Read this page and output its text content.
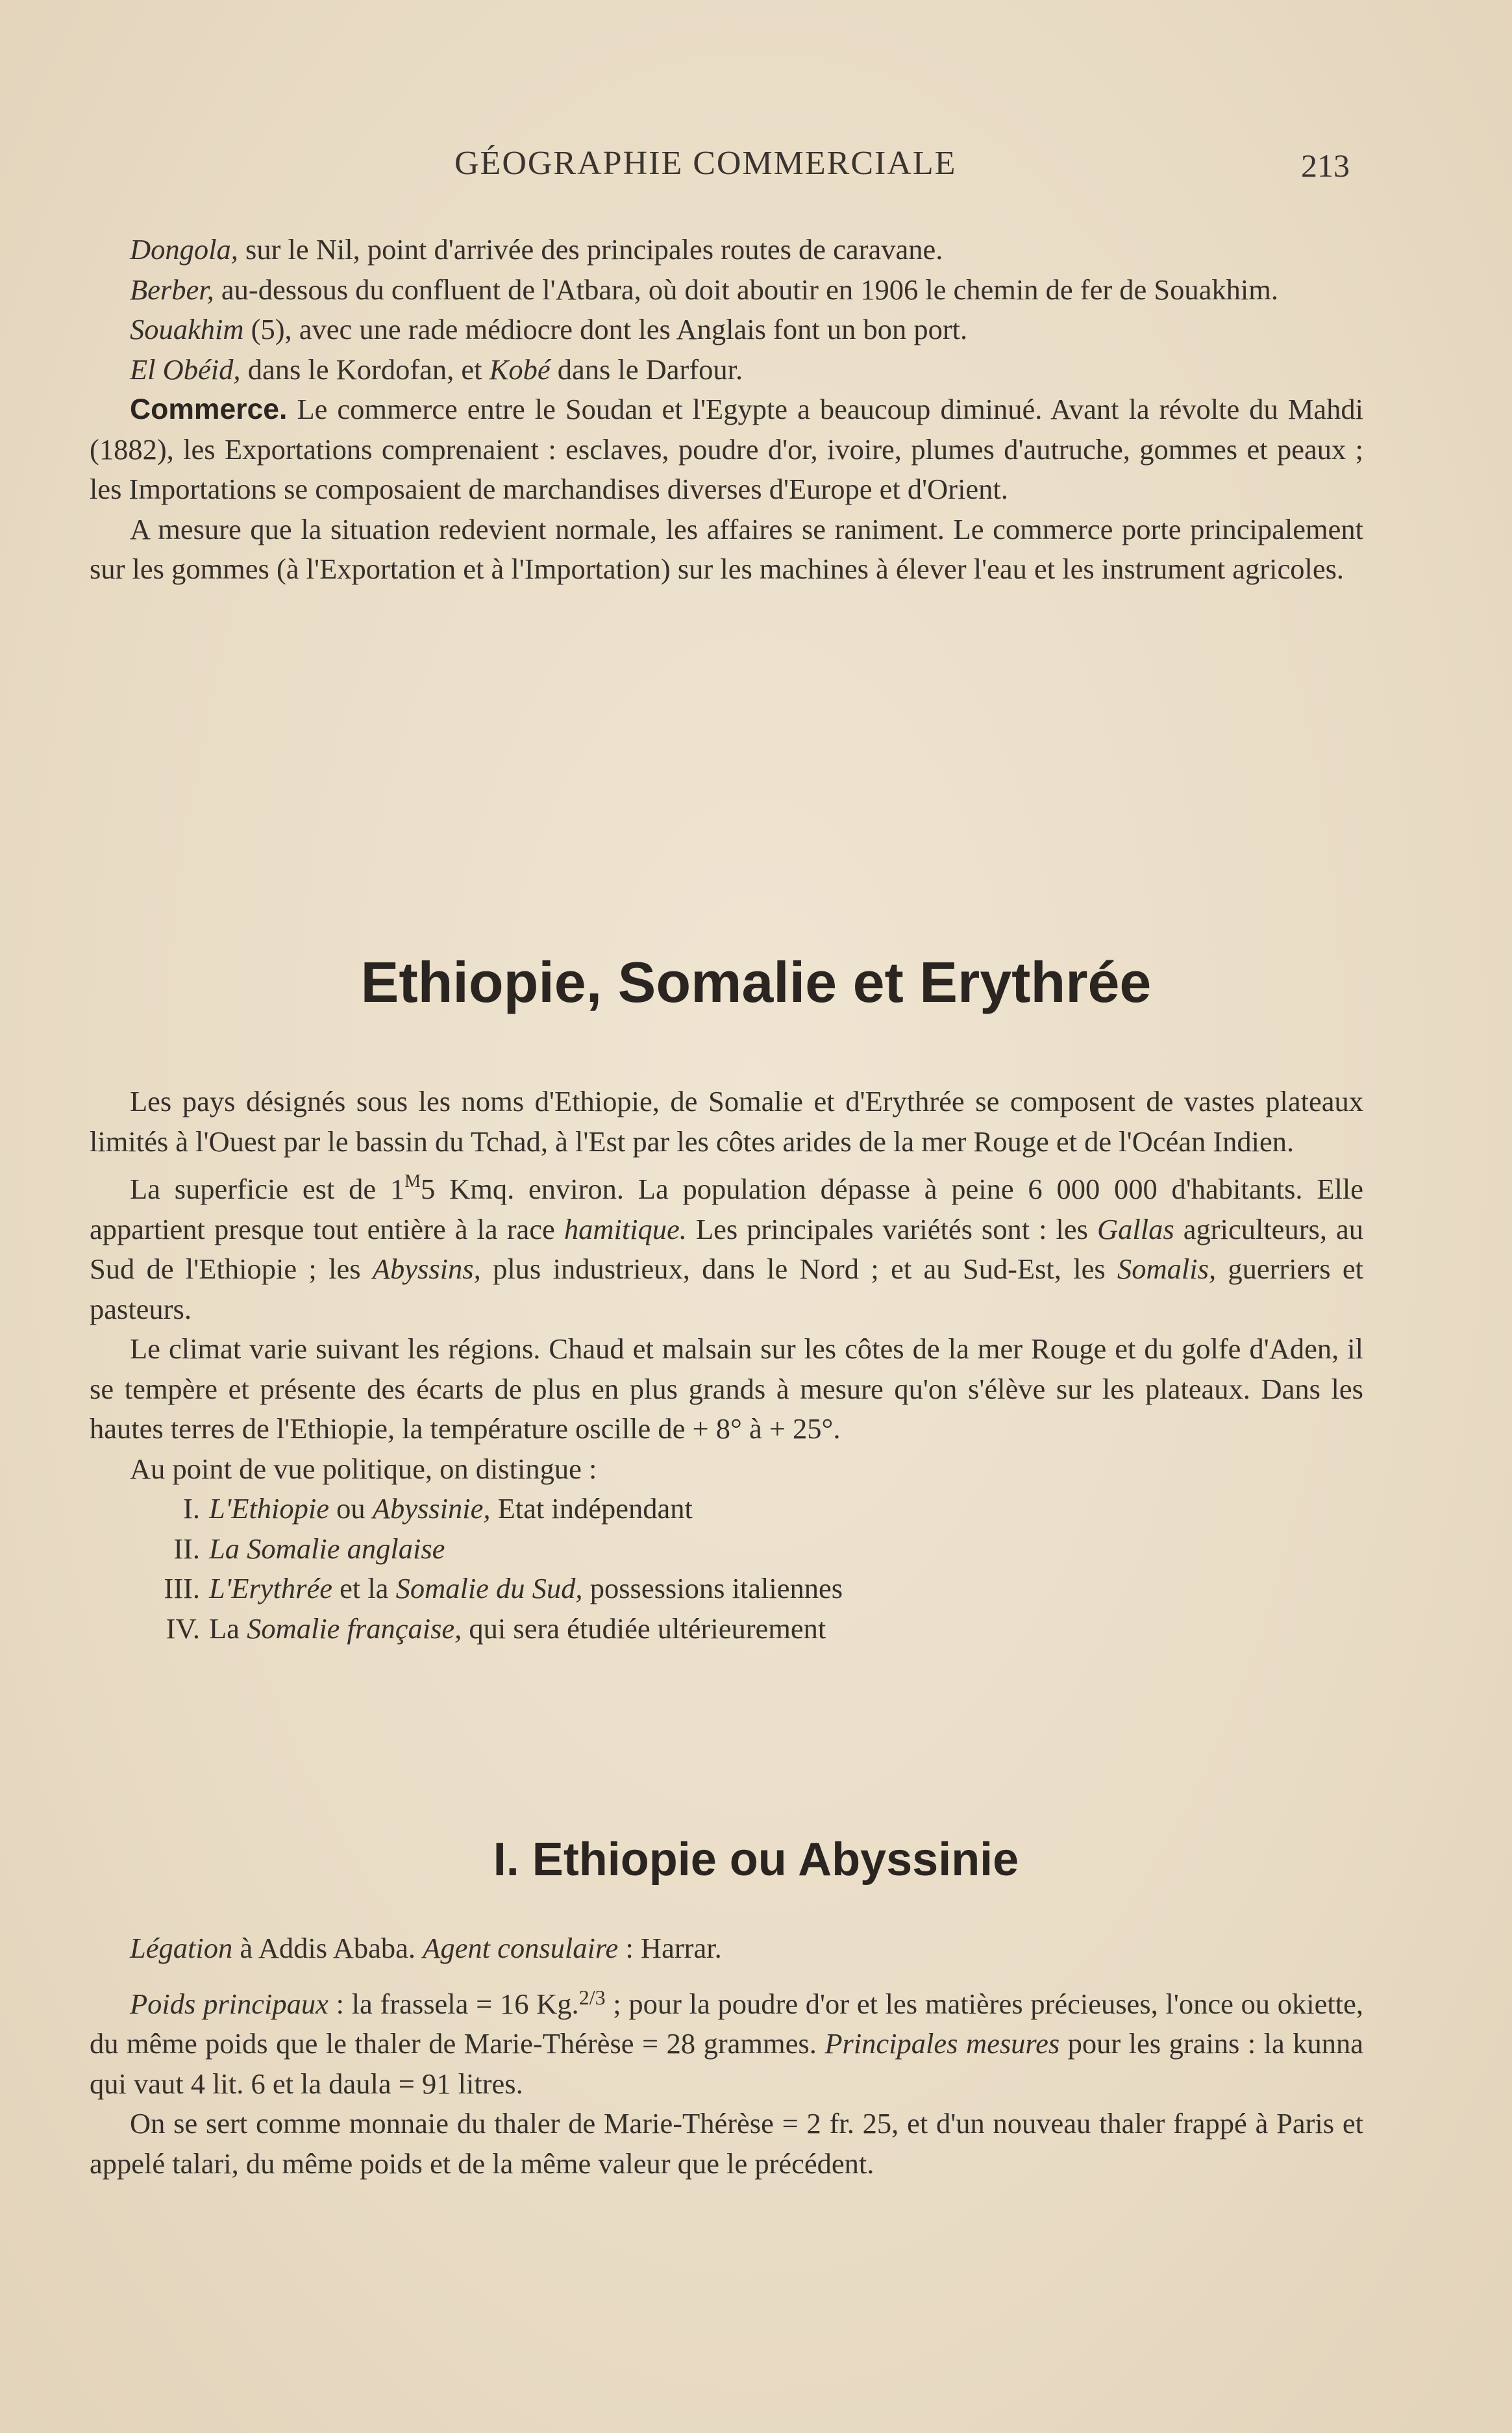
GÉOGRAPHIE COMMERCIALE	213

Dongola, sur le Nil, point d'arrivée des principales routes de caravane.

Berber, au-dessous du confluent de l'Atbara, où doit aboutir en 1906 le chemin de fer de Souakhim.

Souakhim (5), avec une rade médiocre dont les Anglais font un bon port.

El Obéid, dans le Kordofan, et Kobé dans le Darfour.

Commerce. Le commerce entre le Soudan et l'Egypte a beaucoup diminué. Avant la révolte du Mahdi (1882), les Exportations comprenaient : esclaves, poudre d'or, ivoire, plumes d'autruche, gommes et peaux ; les Importations se composaient de marchandises diverses d'Europe et d'Orient.

A mesure que la situation redevient normale, les affaires se raniment. Le commerce porte principalement sur les gommes (à l'Exportation et à l'Importation) sur les machines à élever l'eau et les instrument agricoles.

Ethiopie, Somalie et Erythrée

Les pays désignés sous les noms d'Ethiopie, de Somalie et d'Erythrée se composent de vastes plateaux limités à l'Ouest par le bassin du Tchad, à l'Est par les côtes arides de la mer Rouge et de l'Océan Indien.

La superficie est de $1^M5$ Kmq. environ. La population dépasse à peine 6 000 000 d'habitants. Elle appartient presque tout entière à la race hamitique. Les principales variétés sont : les Gallas agriculteurs, au Sud de l'Ethiopie ; les Abyssins, plus industrieux, dans le Nord ; et au Sud-Est, les Somalis, guerriers et pasteurs.

Le climat varie suivant les régions. Chaud et malsain sur les côtes de la mer Rouge et du golfe d'Aden, il se tempère et présente des écarts de plus en plus grands à mesure qu'on s'élève sur les plateaux. Dans les hautes terres de l'Ethiopie, la température oscille de + 8° à + 25°.

Au point de vue politique, on distingue :

I. L'Ethiopie ou Abyssinie, Etat indépendant
II. La Somalie anglaise
III. L'Erythrée et la Somalie du Sud, possessions italiennes
IV. La Somalie française, qui sera étudiée ultérieurement
I. Ethiopie ou Abyssinie

Légation à Addis Ababa. Agent consulaire : Harrar.

Poids principaux : la frassela = 16 Kg.$^{2/3}$ ; pour la poudre d'or et les matières précieuses, l'once ou okiette, du même poids que le thaler de Marie-Thérèse = 28 grammes. Principales mesures pour les grains : la kunna qui vaut 4 lit. 6 et la daula = 91 litres.

On se sert comme monnaie du thaler de Marie-Thérèse = 2 fr. 25, et d'un nouveau thaler frappé à Paris et appelé talari, du même poids et de la même valeur que le précédent.
